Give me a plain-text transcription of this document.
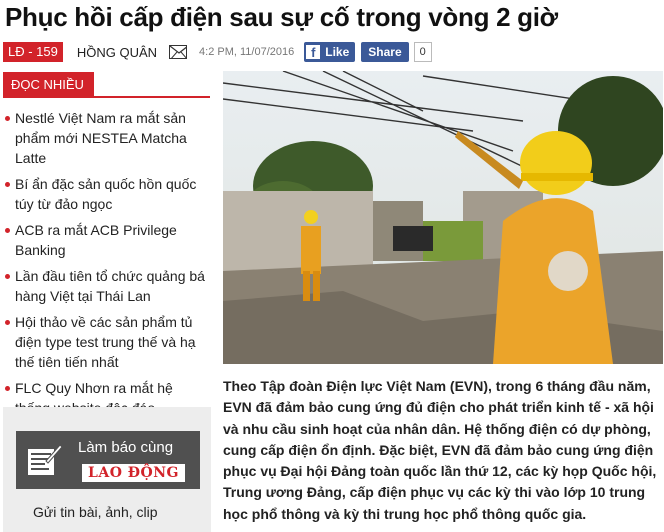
Phục hồi cấp điện sau sự cố trong vòng 2 giờ
LĐ - 159	HỒNG QUÂN	4:2 PM, 11/07/2016	f Like	Share	0
ĐỌC NHIỀU
Nestlé Việt Nam ra mắt sản phẩm mới NESTEA Matcha Latte
Bí ẩn đặc sản quốc hồn quốc túy từ đảo ngọc
ACB ra mắt ACB Privilege Banking
Lần đầu tiên tổ chức quảng bá hàng Việt tại Thái Lan
Hội thảo về các sản phẩm tủ điện type test trung thế và hạ thế tiên tiến nhất
FLC Quy Nhơn ra mắt hệ
Làm báo cùng
LAO ĐỘNG
Gửi tin bài, ảnh, clip

Theo Tập đoàn Điện lực Việt Nam (EVN), trong 6 tháng đầu năm, EVN đã đảm bảo cung ứng đủ điện cho phát triển kinh tế - xã hội và nhu cầu sinh hoạt của nhân dân. Hệ thống điện có dự phòng, cung cấp điện ổn định. Đặc biệt, EVN đã đảm bảo cung ứng điện phục vụ Đại hội Đảng toàn quốc lần thứ 12, các kỳ họp Quốc hội, Trung ương Đảng, cấp điện phục vụ các kỳ thi vào lớp 10 trung học phổ thông và kỳ thi trung học phổ thông quốc gia.
